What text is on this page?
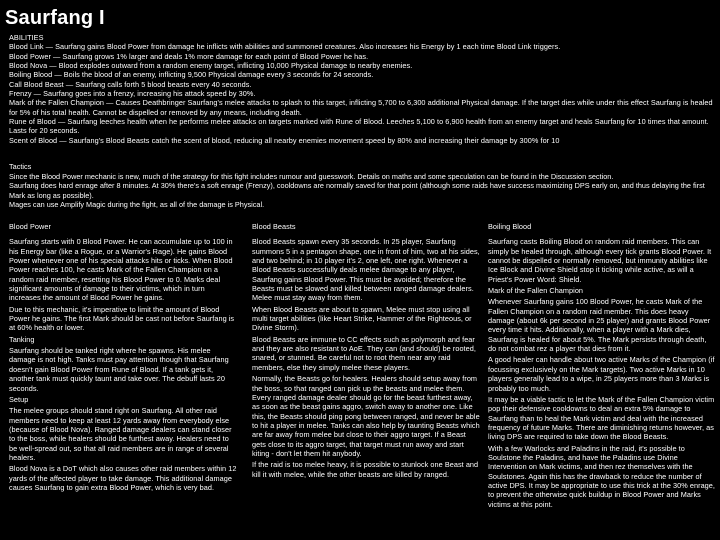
Saurfang I

ABILITIES

Blood Link — Saurfang gains Blood Power from damage he inflicts with abilities and summoned creatures. Also increases his Energy by 1 each time Blood Link triggers.

Blood Power — Saurfang grows 1% larger and deals 1% more damage for each point of Blood Power he has.

Blood Nova — Blood explodes outward from a random enemy target, inflicting 10,000 Physical damage to nearby enemies.

Boiling Blood — Boils the blood of an enemy, inflicting 9,500 Physical damage every 3 seconds for 24 seconds.

Call Blood Beast — Saurfang calls forth 5 blood beasts every 40 seconds.

Frenzy — Saurfang goes into a frenzy, increasing his attack speed by 30%.

Mark of the Fallen Champion — Causes Deathbringer Saurfang's melee attacks to splash to this target, inflicting 5,700 to 6,300 additional Physical damage. If the target dies while under this effect Saurfang is healed for 5% of his total health. Cannot be dispelled or removed by any means, including death.

Rune of Blood — Saurfang leeches health when he performs melee attacks on targets marked with Rune of Blood. Leeches 5,100 to 6,900 health from an enemy target and heals Saurfang for 10 times that amount. Lasts for 20 seconds.

Scent of Blood — Saurfang's Blood Beasts catch the scent of blood, reducing all nearby enemies movement speed by 80% and increasing their damage by 300% for 10

Tactics

Since the Blood Power mechanic is new, much of the strategy for this fight includes rumour and guesswork. Details on maths and some speculation can be found in the Discussion section.

Saurfang does hard enrage after 8 minutes. At 30% there's a soft enrage (Frenzy), cooldowns are normally saved for that point (although some raids have success maximizing DPS early on, and thus delaying the first Mark as long as possible).

Mages can use Amplify Magic during the fight, as all of the damage is Physical.

Blood Power

Saurfang starts with 0 Blood Power. He can accumulate up to 100 in his Energy bar (like a Rogue, or a Warrior's Rage). He gains Blood Power whenever one of his special attacks hits or ticks. When Blood Power reaches 100, he casts Mark of the Fallen Champion on a random raid member, resetting his Blood Power to 0. Marks deal significant amounts of damage to their victims, which in turn increases the amount of Blood Power he gains.

Due to this mechanic, it's imperative to limit the amount of Blood Power he gains. The first Mark should be cast not before Saurfang is at 60% health or lower.

Tanking

Saurfang should be tanked right where he spawns. His melee damage is not high. Tanks must pay attention though that Saurfang doesn't gain Blood Power from Rune of Blood. If a tank gets it, another tank must quickly taunt and take over. The debuff lasts 20 seconds.

Setup

The melee groups should stand right on Saurfang. All other raid members need to keep at least 12 yards away from everybody else (because of Blood Nova). Ranged damage dealers can stand closer to the boss, while healers should be furthest away. Healers need to be well-spread out, so that all raid members are in range of several healers.

Blood Nova is a DoT which also causes other raid members within 12 yards of the affected player to take damage. This additional damage causes Saurfang to gain extra Blood Power, which is very bad.

Blood Beasts

Blood Beasts spawn every 35 seconds. In 25 player, Saurfang summons 5 in a pentagon shape, one in front of him, two at his sides, and two behind; in 10 player it's 2, one left, one right. Whenever a Blood Beasts successfully deals melee damage to any player, Saurfang gains Blood Power. This must be avoided; therefore the Beasts must be slowed and killed between ranged damage dealers. Melee must stay away from them.

When Blood Beasts are about to spawn, Melee must stop using all multi target abilities (like Heart Strike, Hammer of the Righteous, or Divine Storm).

Blood Beasts are immune to CC effects such as polymorph and fear and they are also resistant to AoE. They can (and should) be rooted, snared, or stunned. Be careful not to root them near any raid members, else they simply melee these players.

Normally, the Beasts go for healers. Healers should setup away from the boss, so that ranged can pick up the beasts and melee them. Every ranged damage dealer should go for the beast furthest away, as soon as the beast gains aggro, switch away to another one. Like this, the Beasts should ping pong between ranged, and never be able to hit a player in melee. Tanks can also help by taunting Beasts which are far away from melee but close to their aggro target. If a Beast gets close to its aggro target, that target must run away and start kiting - don't let them hit anybody.

If the raid is too melee heavy, it is possible to stunlock one Beast and kill it with melee, while the other beasts are killed by ranged.

Boiling Blood

Saurfang casts Boiling Blood on random raid members. This can simply be healed through, although every tick grants Blood Power. It cannot be dispelled or normally removed, but immunity abilities like Ice Block and Divine Shield stop it ticking while active, as will a Priest's Power Word: Shield.

Mark of the Fallen Champion

Whenever Saurfang gains 100 Blood Power, he casts Mark of the Fallen Champion on a random raid member. This does heavy damage (about 6k per second in 25 player) and grants Blood Power every time it hits. Additionally, when a player with a Mark dies, Saurfang is healed for about 5%. The Mark persists through death, do not combat rez a player that dies from it.

A good healer can handle about two active Marks of the Champion (if focussing exclusively on the Mark targets). Two active Marks in 10 players generally lead to a wipe, in 25 players more than 3 Marks is probably too much.

It may be a viable tactic to let the Mark of the Fallen Champion victim pop their defensive cooldowns to deal an extra 5% damage to Saurfang than to heal the Mark victim and deal with the increased frequency of future Marks. There are diminishing returns however, as living DPS are required to take down the Blood Beasts.

With a few Warlocks and Paladins in the raid, it's possible to Soulstone the Paladins, and have the Paladins use Divine Intervention on Mark victims, and then rez themselves with the Soulstones. Again this has the drawback to reduce the number of active DPS. It may be appropriate to use this trick at the 30% enrage, to prevent the otherwise quick buildup in Blood Power and Marks victims at this point.
